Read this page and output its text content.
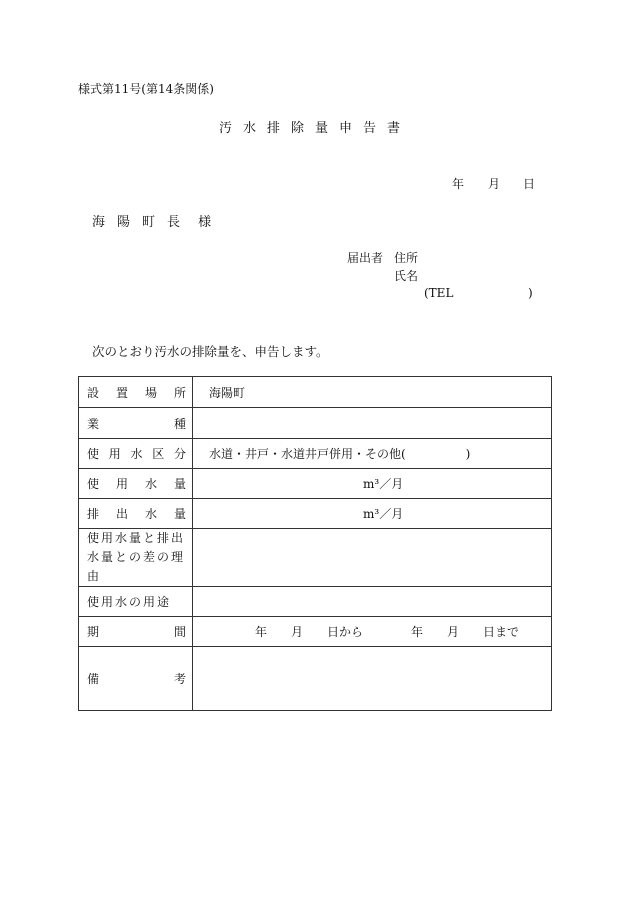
様式第11号(第14条関係)
汚水排除量申告書
年 月 日
海陽町長 様
届出者 住所
氏名
(TEL	)
次のとおり汚水の排除量を、申告します。
設 置 場 所	海陽町

業 種	

使 用 水 区 分	水道・井戸・水道井戸併用・その他(　　　　　)

使 用 水 量	m³／月

排 出 水 量	m³／月

使用水量と排出
水量との差の理由	

使用水の用途	

期 間	年　　月　　日から　　　　年　　月　　日まで

備 考	
